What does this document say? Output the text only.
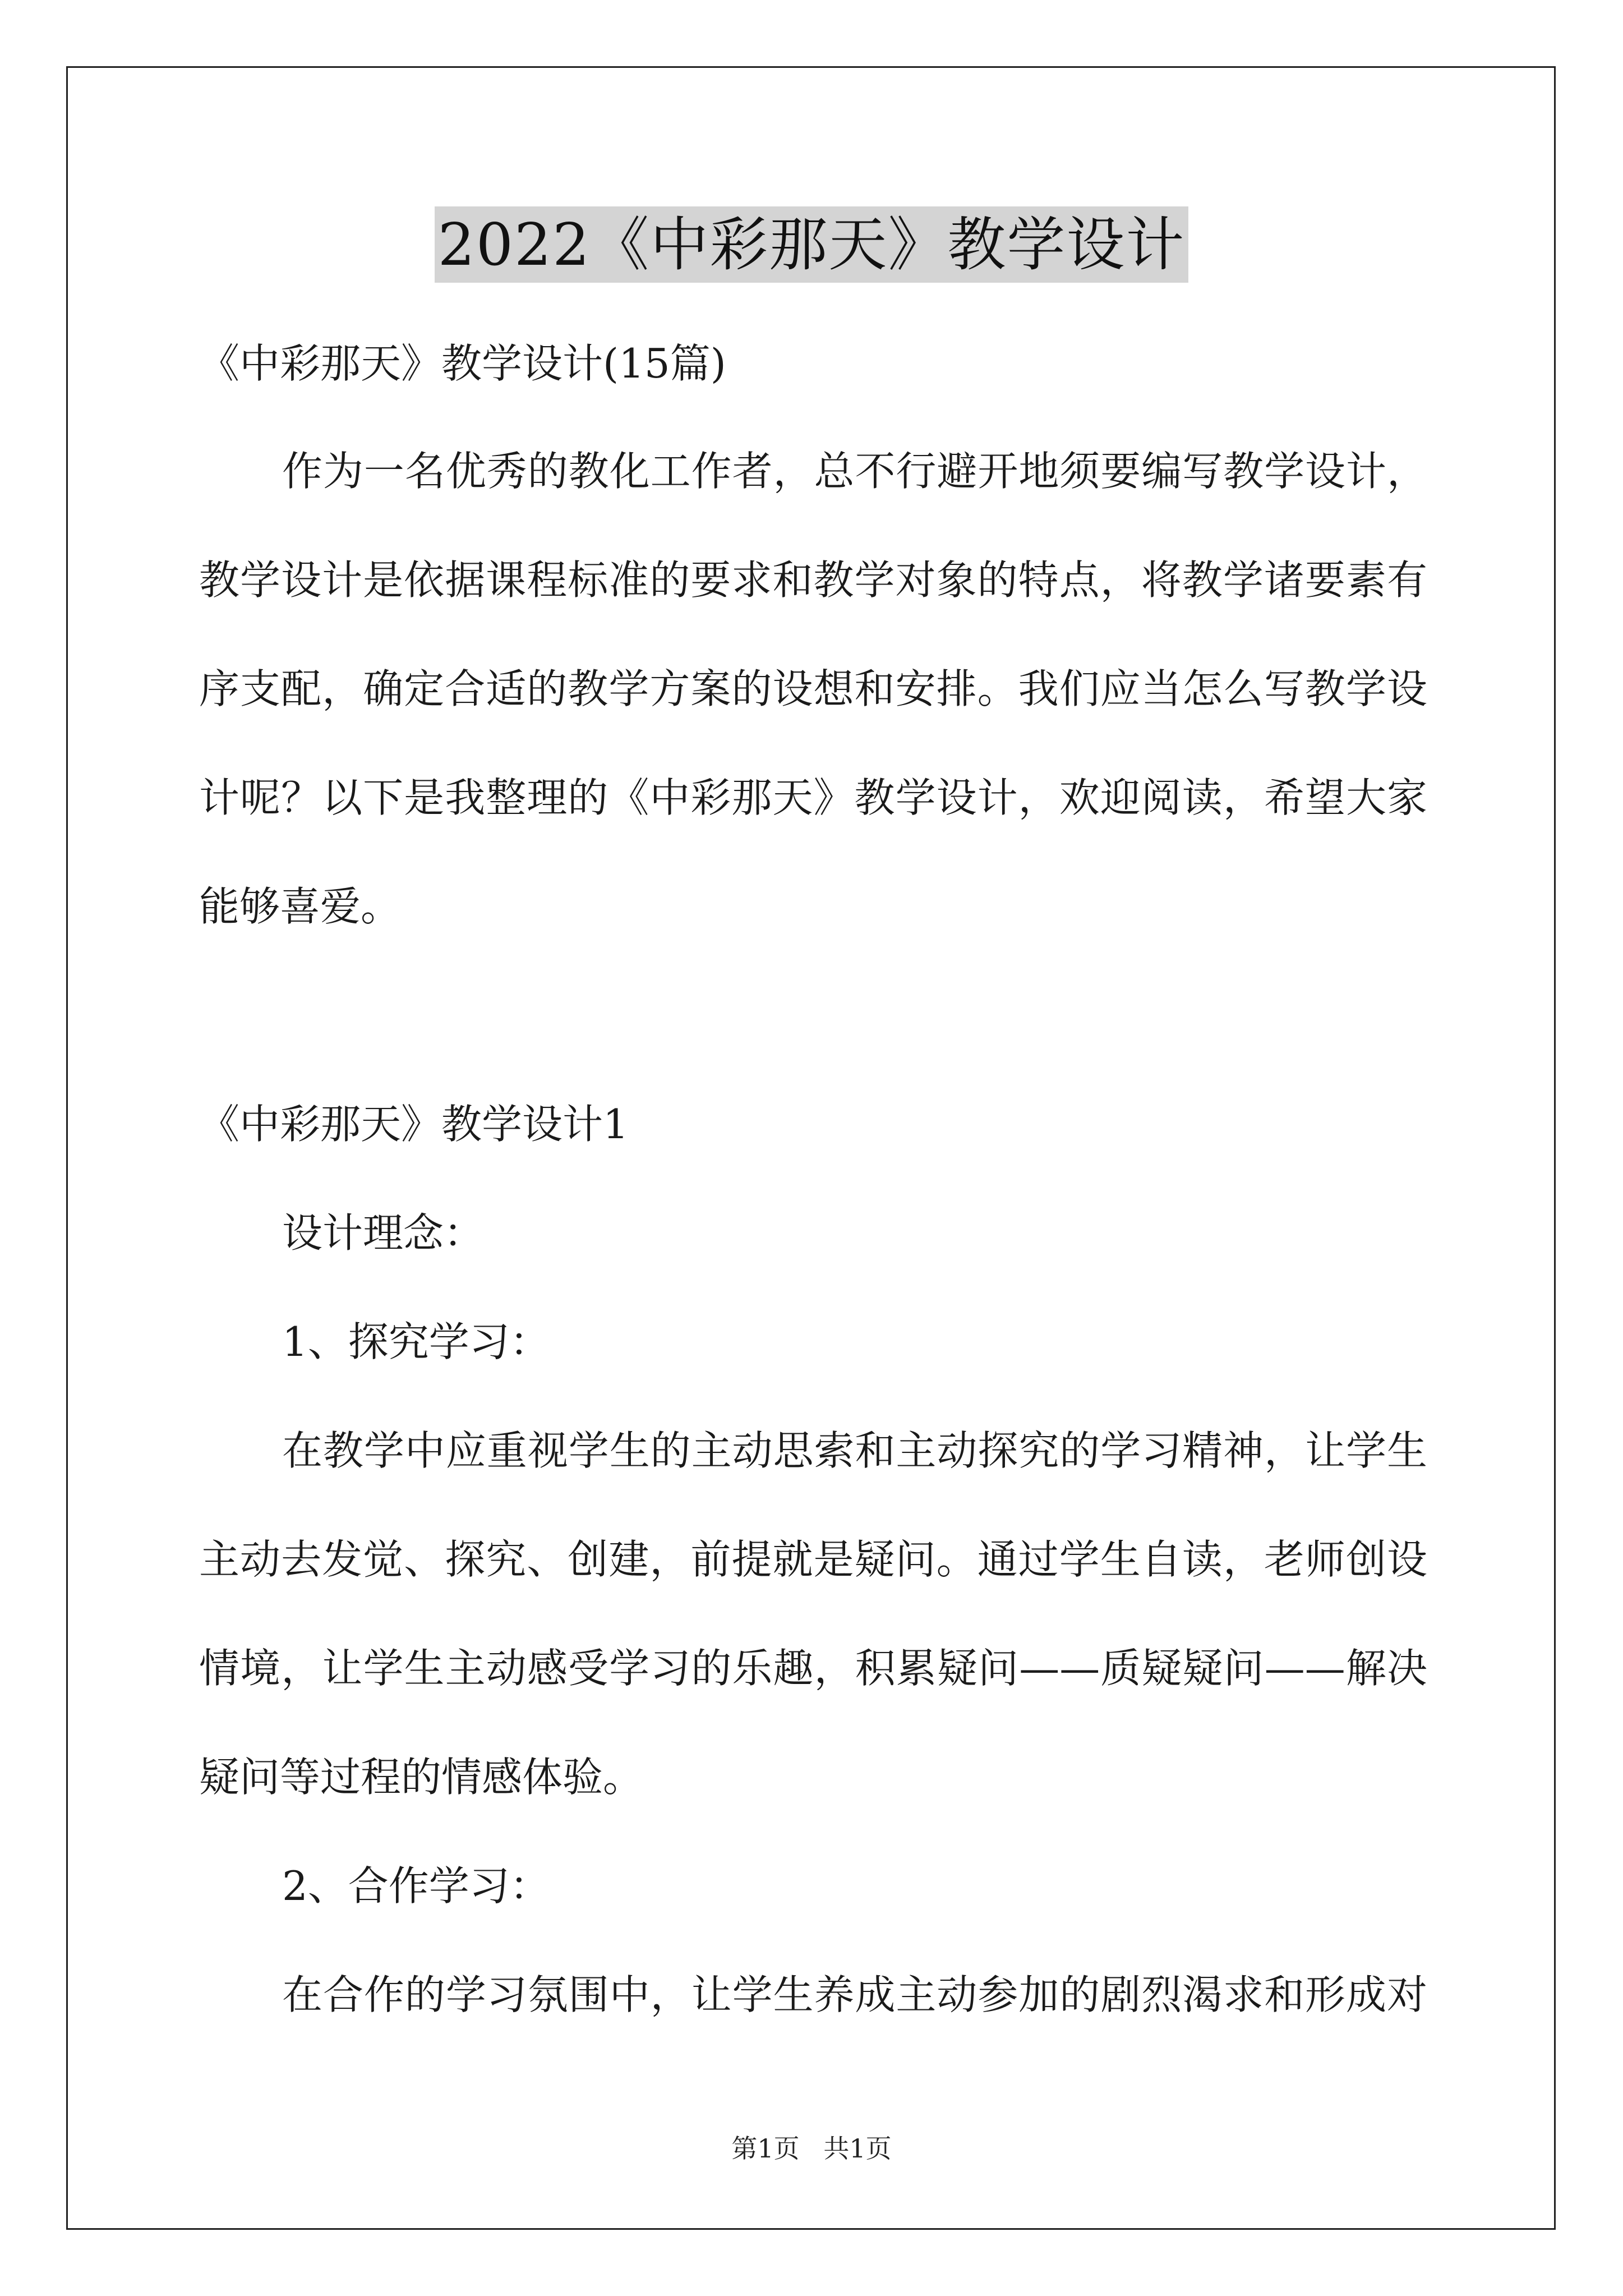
2022《中彩那天》教学设计
《中彩那天》教学设计(15篇)
作为一名优秀的教化工作者，总不行避开地须要编写教学设计，
教学设计是依据课程标准的要求和教学对象的特点，将教学诸要素有
序支配，确定合适的教学方案的设想和安排。我们应当怎么写教学设
计呢？以下是我整理的《中彩那天》教学设计，欢迎阅读，希望大家
能够喜爱。
《中彩那天》教学设计1
设计理念：
1、探究学习：
在教学中应重视学生的主动思索和主动探究的学习精神，让学生
主动去发觉、探究、创建，前提就是疑问。通过学生自读，老师创设
情境，让学生主动感受学习的乐趣，积累疑问——质疑疑问——解决
疑问等过程的情感体验。
2、合作学习：
在合作的学习氛围中，让学生养成主动参加的剧烈渴求和形成对
第1页 共1页
